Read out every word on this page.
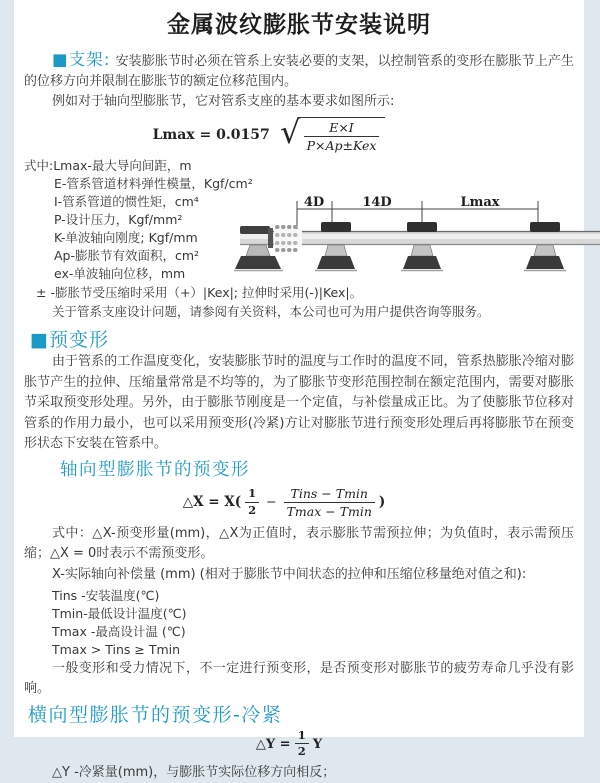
金属波纹膨胀节安装说明

■支架: 安装膨胀节时必须在管系上安装必要的支架，以控制管系的变形在膨胀节上产生的位移方向并限制在膨胀节的额定位移范围内。

例如对于轴向型膨胀节，它对管系支座的基本要求如图所示:

Lmax = 0.0157 √ $\frac{E\times I}{\text{P×Ap±Kex}}$
式中:Lmax-最大导向间距，m
E-管系管道材料弹性模量，Kgf/cm²
I-管系管道的惯性矩，cm⁴
P-设计压力，Kgf/mm²
K-单波轴向刚度; Kgf/mm
Ap-膨胀节有效面积，cm²
ex-单波轴向位移，mm
± -膨胀节受压缩时采用（+）|Kex|; 拉伸时采用(-)|Kex|。
关于管系支座设计问题，请参阅有关资料，本公司也可为用户提供咨询等服务。
4D	14D	Lmax
■预变形

由于管系的工作温度变化，安装膨胀节时的温度与工作时的温度不同，管系热膨胀冷缩对膨胀节产生的拉伸、压缩量常常是不均等的，为了膨胀节变形范围控制在额定范围内，需要对膨胀节采取预变形处理。另外，由于膨胀节刚度是一个定值，与补偿量成正比。为了使膨胀节位移对管系的作用力最小，也可以采用预变形(冷紧)方让对膨胀节进行预变形处理后再将膨胀节在预变形状态下安装在管系中。

轴向型膨胀节的预变形
△X = $X( \frac{1}{2} - \frac{\text{Tins − Tmin}}{Tmax - Tmin}$ )

式中：△X-预变形量(mm)，△X为正值时，表示膨胀节需预拉伸；为负值时，表示需预压缩；△X = 0时表示不需预变形。

X-实际轴向补偿量 (mm) (相对于膨胀节中间状态的拉伸和压缩位移量绝对值之和):

Tins -安装温度(℃)
Tmin-最低设计温度(℃)
Tmax -最高设计温 (℃)
Tmax > Tins ≥ Tmin

一般变形和受力情况下，不一定进行预变形，是否预变形对膨胀节的疲劳寿命几乎没有影响。

横向型膨胀节的预变形-冷紧
△Y = $\frac{1}{2}$ Y
△Y -冷紧量(mm)，与膨胀节实际位移方向相反；
